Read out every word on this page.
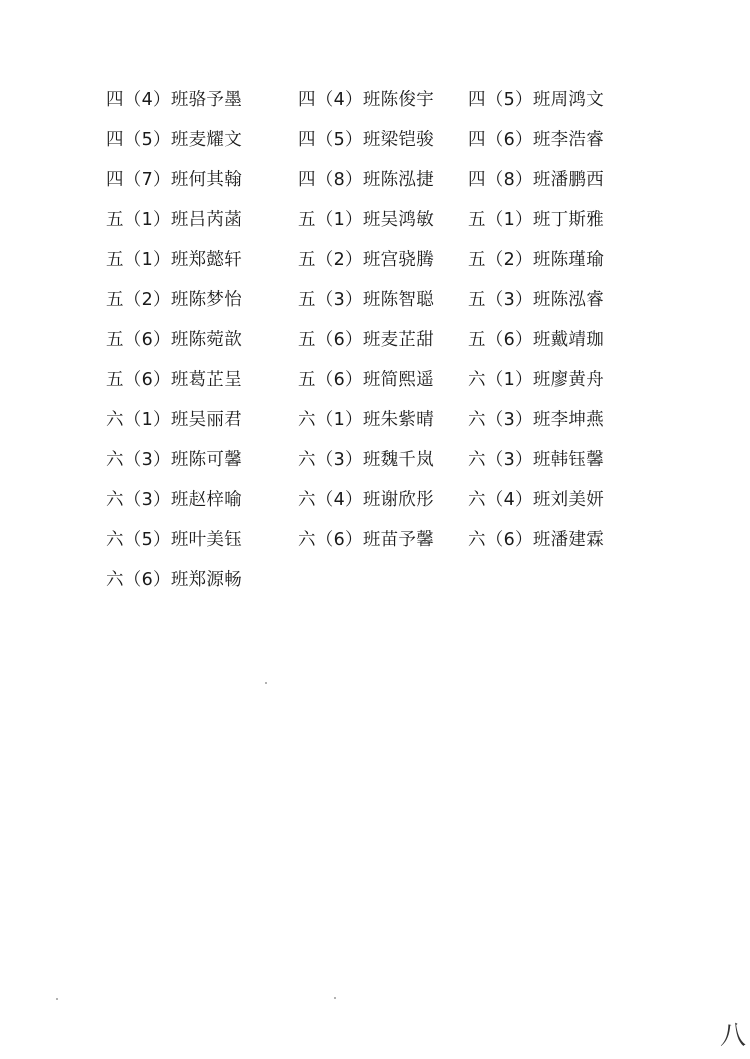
四（4）班骆予墨	四（4）班陈俊宇 四（5）班周鸿文
四（5）班麦耀文	四（5）班梁铠骏 四（6）班李浩睿
四（7）班何其翰	四（8）班陈泓捷 四（8）班潘鹏西
五（1）班吕芮菡	五（1）班吴鸿敏 五（1）班丁斯雅
五（1）班郑懿轩	五（2）班宫骁腾 五（2）班陈瑾瑜
五（2）班陈梦怡	五（3）班陈智聪 五（3）班陈泓睿
五（6）班陈菀歆	五（6）班麦芷甜 五（6）班戴靖珈
五（6）班葛芷呈	五（6）班简熙遥 六（1）班廖黄舟
六（1）班吴丽君	六（1）班朱紫晴 六（3）班李坤燕
六（3）班陈可馨	六（3）班魏千岚 六（3）班韩钰馨
六（3）班赵梓喻	六（4）班谢欣彤 六（4）班刘美妍
六（5）班叶美钰	六（6）班苗予馨 六（6）班潘建霖
六（6）班郑源畅
八
